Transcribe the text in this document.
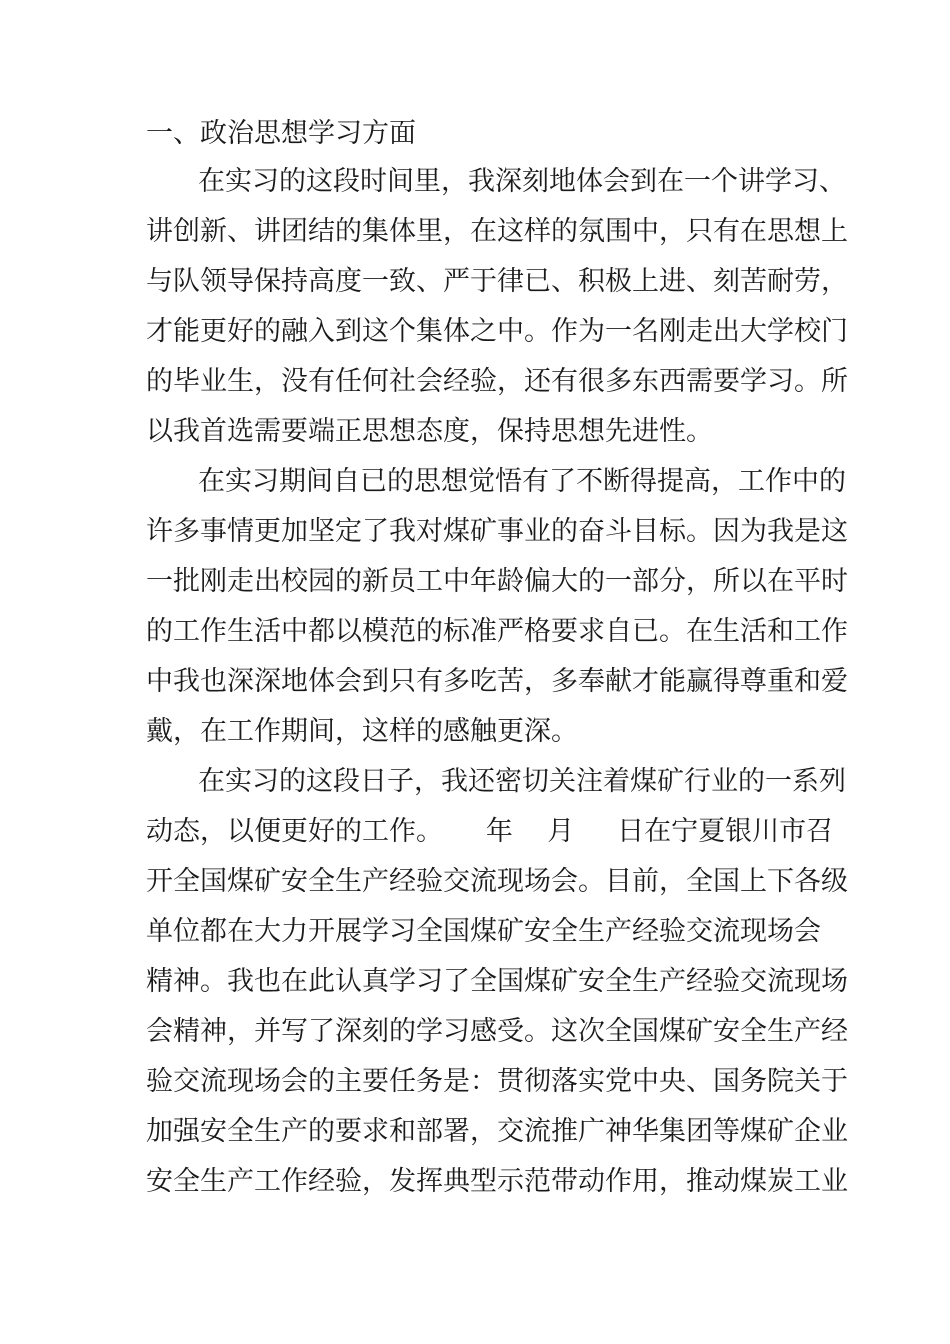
一、政治思想学习方面
在实习的这段时间里，我深刻地体会到在一个讲学习、
讲创新、讲团结的集体里，在这样的氛围中，只有在思想上
与队领导保持高度一致、严于律已、积极上进、刻苦耐劳，
才能更好的融入到这个集体之中。作为一名刚走出大学校门
的毕业生，没有任何社会经验，还有很多东西需要学习。所
以我首选需要端正思想态度，保持思想先进性。
在实习期间自已的思想觉悟有了不断得提高，工作中的
许多事情更加坚定了我对煤矿事业的奋斗目标。因为我是这
一批刚走出校园的新员工中年龄偏大的一部分，所以在平时
的工作生活中都以模范的标准严格要求自已。在生活和工作
中我也深深地体会到只有多吃苦，多奉献才能赢得尊重和爱
戴，在工作期间，这样的感触更深。
在实习的这段日子，我还密切关注着煤矿行业的一系列
动态，以便更好的工作。     年    月     日在宁夏银川市召
开全国煤矿安全生产经验交流现场会。目前，全国上下各级
单位都在大力开展学习全国煤矿安全生产经验交流现场会
精神。我也在此认真学习了全国煤矿安全生产经验交流现场
会精神，并写了深刻的学习感受。这次全国煤矿安全生产经
验交流现场会的主要任务是：贯彻落实党中央、国务院关于
加强安全生产的要求和部署，交流推广神华集团等煤矿企业
安全生产工作经验，发挥典型示范带动作用，推动煤炭工业
